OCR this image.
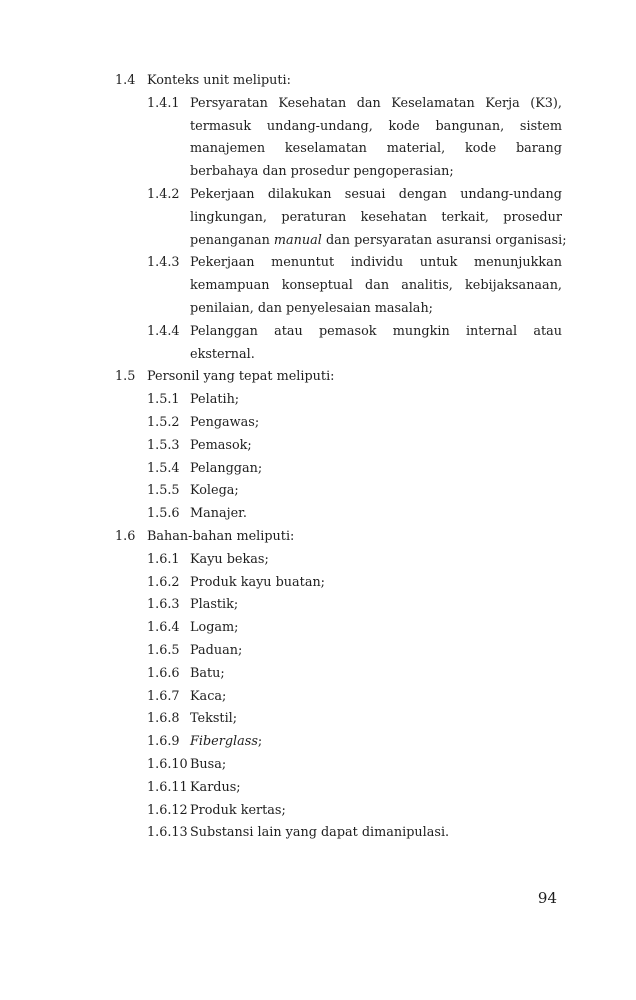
1.4 Konteks unit meliputi:
1.4.1 Persyaratan Kesehatan dan Keselamatan Kerja (K3),
termasuk undang-undang, kode bangunan, sistem
manajemen keselamatan material, kode barang
berbahaya dan prosedur pengoperasian;
1.4.2 Pekerjaan dilakukan sesuai dengan undang-undang
lingkungan, peraturan kesehatan terkait, prosedur
penanganan manual dan persyaratan asuransi organisasi;
1.4.3 Pekerjaan menuntut individu untuk menunjukkan
kemampuan konseptual dan analitis, kebijaksanaan,
penilaian, dan penyelesaian masalah;
1.4.4 Pelanggan atau pemasok mungkin internal atau
eksternal.
1.5 Personil yang tepat meliputi:
1.5.1 Pelatih;
1.5.2 Pengawas;
1.5.3 Pemasok;
1.5.4 Pelanggan;
1.5.5 Kolega;
1.5.6 Manajer.
1.6 Bahan-bahan meliputi:
1.6.1 Kayu bekas;
1.6.2 Produk kayu buatan;
1.6.3 Plastik;
1.6.4 Logam;
1.6.5 Paduan;
1.6.6 Batu;
1.6.7 Kaca;
1.6.8 Tekstil;
1.6.9 Fiberglass;
1.6.10 Busa;
1.6.11 Kardus;
1.6.12 Produk kertas;
1.6.13 Substansi lain yang dapat dimanipulasi.
94
